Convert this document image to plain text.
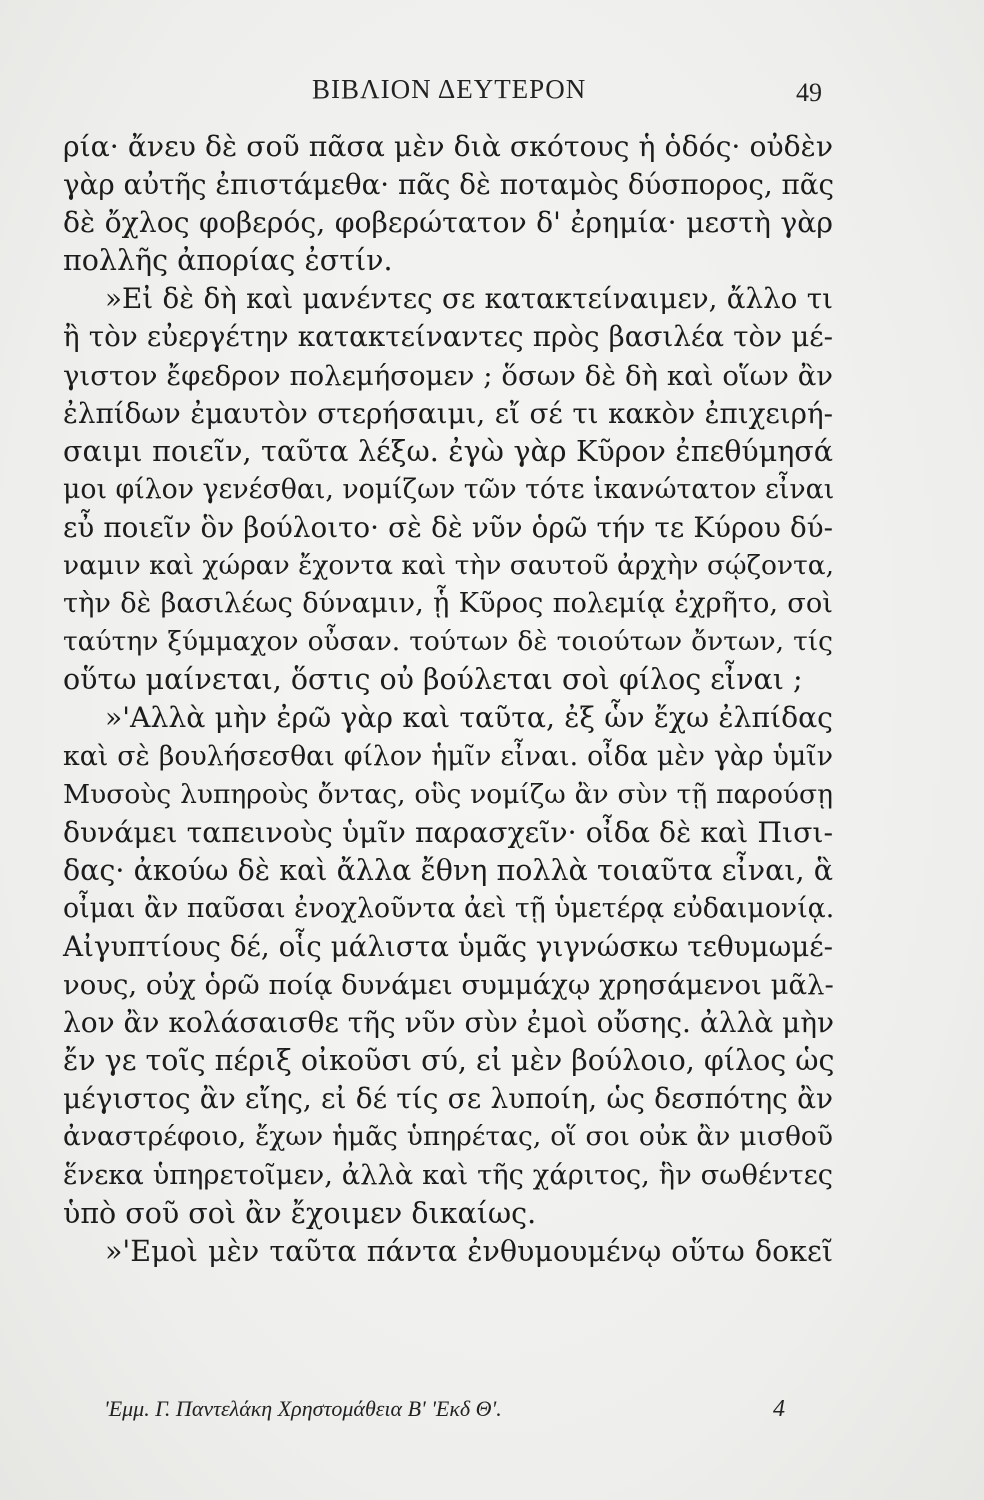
ΒΙΒΛΙΟΝ ΔΕΥΤΕΡΟΝ	49
ρία· ἄνευ δὲ σοῦ πᾶσα μὲν διὰ σκότους ἡ ὁδός· οὐδὲν
γὰρ αὐτῆς ἐπιστάμεθα· πᾶς δὲ ποταμὸς δύσπορος, πᾶς
δὲ ὄχλος φοβερός, φοβερώτατον δ' ἐρημία· μεστὴ γὰρ
πολλῆς ἀπορίας ἐστίν.
»Εἰ δὲ δὴ καὶ μανέντες σε κατακτείναιμεν, ἄλλο τι
ἢ τὸν εὐεργέτην κατακτείναντες πρὸς βασιλέα τὸν μέ-
γιστον ἔφεδρον πολεμήσομεν ; ὅσων δὲ δὴ καὶ οἵων ἂν
ἐλπίδων ἐμαυτὸν στερήσαιμι, εἴ σέ τι κακὸν ἐπιχειρή-
σαιμι ποιεῖν, ταῦτα λέξω. ἐγὼ γὰρ Κῦρον ἐπεθύμησά
μοι φίλον γενέσθαι, νομίζων τῶν τότε ἱκανώτατον εἶναι
εὖ ποιεῖν ὃν βούλοιτο· σὲ δὲ νῦν ὁρῶ τήν τε Κύρου δύ-
ναμιν καὶ χώραν ἔχοντα καὶ τὴν σαυτοῦ ἀρχὴν σῴζοντα,
τὴν δὲ βασιλέως δύναμιν, ᾗ Κῦρος πολεμίᾳ ἐχρῆτο, σοὶ
ταύτην ξύμμαχον οὖσαν. τούτων δὲ τοιούτων ὄντων, τίς
οὕτω μαίνεται, ὅστις οὐ βούλεται σοὶ φίλος εἶναι ;
»'Αλλὰ μὴν ἐρῶ γὰρ καὶ ταῦτα, ἐξ ὧν ἔχω ἐλπίδας
καὶ σὲ βουλήσεσθαι φίλον ἡμῖν εἶναι. οἶδα μὲν γὰρ ὑμῖν
Μυσοὺς λυπηροὺς ὄντας, οὓς νομίζω ἂν σὺν τῇ παρούσῃ
δυνάμει ταπεινοὺς ὑμῖν παρασχεῖν· οἶδα δὲ καὶ Πισι-
δας· ἀκούω δὲ καὶ ἄλλα ἔθνη πολλὰ τοιαῦτα εἶναι, ἃ
οἶμαι ἂν παῦσαι ἐνοχλοῦντα ἀεὶ τῇ ὑμετέρᾳ εὐδαιμονίᾳ.
Αἰγυπτίους δέ, οἷς μάλιστα ὑμᾶς γιγνώσκω τεθυμωμέ-
νους, οὐχ ὁρῶ ποίᾳ δυνάμει συμμάχῳ χρησάμενοι μᾶλ-
λον ἂν κολάσαισθε τῆς νῦν σὺν ἐμοὶ οὔσης. ἀλλὰ μὴν
ἔν γε τοῖς πέριξ οἰκοῦσι σύ, εἰ μὲν βούλοιο, φίλος ὡς
μέγιστος ἂν εἴης, εἰ δέ τίς σε λυποίη, ὡς δεσπότης ἂν
ἀναστρέφοιο, ἔχων ἡμᾶς ὑπηρέτας, οἵ σοι οὐκ ἂν μισθοῦ
ἕνεκα ὑπηρετοῖμεν, ἀλλὰ καὶ τῆς χάριτος, ἣν σωθέντες
ὑπὸ σοῦ σοὶ ἂν ἔχοιμεν δικαίως.
»'Εμοὶ μὲν ταῦτα πάντα ἐνθυμουμένῳ οὕτω δοκεῖ
'Εμμ. Γ. Παντελάκη Χρηστομάθεια Β' 'Εκδ Θ'.	4
